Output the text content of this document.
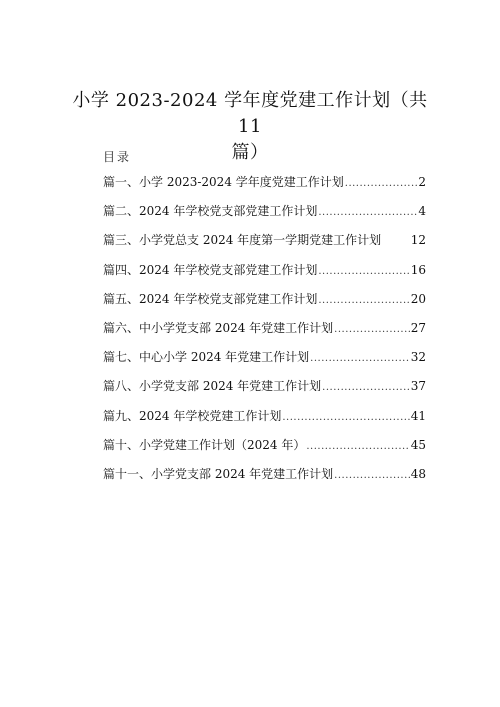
小学 2023-2024 学年度党建工作计划（共 11
篇）
目录
篇一、小学 2023-2024 学年度党建工作计划 .....	2
篇二、2024 年学校党支部党建工作计划 .....	4
篇三、小学党总支 2024 年度第一学期党建工作计划 12
篇四、2024 年学校党支部党建工作计划 .....	16
篇五、2024 年学校党支部党建工作计划 .....	20
篇六、中小学党支部 2024 年党建工作计划 .....	27
篇七、中心小学 2024 年党建工作计划 .....	32
篇八、小学党支部 2024 年党建工作计划 .....	37
篇九、2024 年学校党建工作计划 .....	41
篇十、小学党建工作计划（2024 年） .....	45
篇十一、小学党支部 2024 年党建工作计划 .....	48
